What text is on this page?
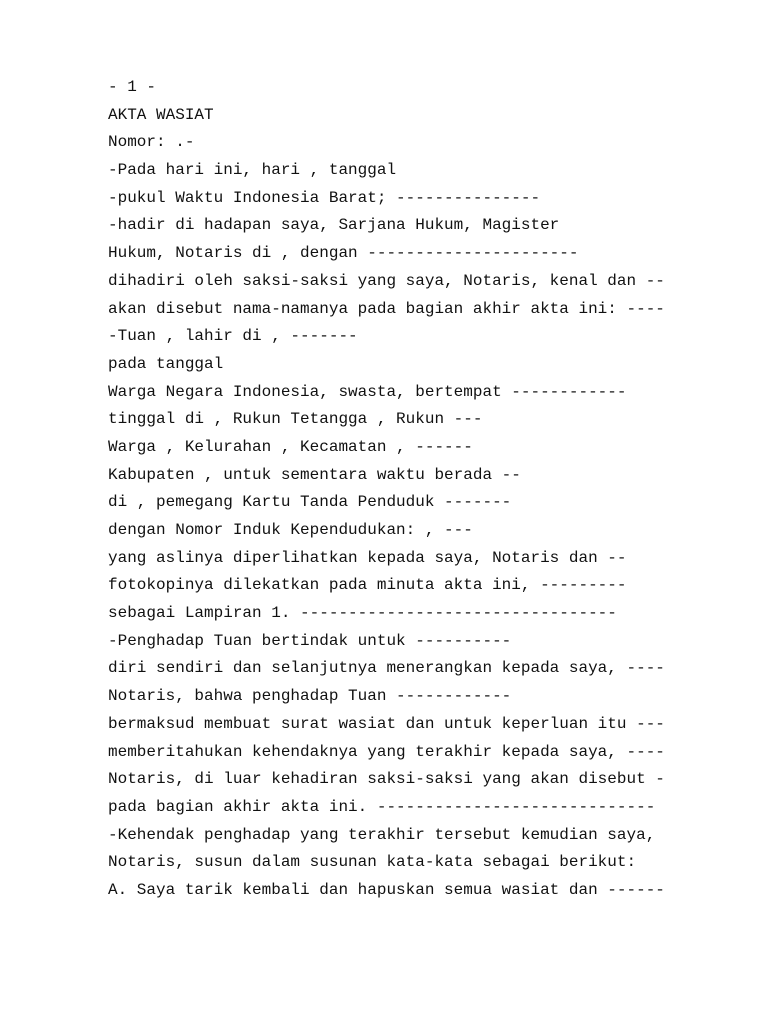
- 1 -

AKTA WASIAT

Nomor: .-

-Pada hari ini, hari , tanggal

-pukul Waktu Indonesia Barat; ---------------

-hadir di hadapan saya, Sarjana Hukum, Magister

Hukum, Notaris di , dengan ----------------------

dihadiri oleh saksi-saksi yang saya, Notaris, kenal dan --

akan disebut nama-namanya pada bagian akhir akta ini: ----

-Tuan , lahir di , -------

pada tanggal

Warga Negara Indonesia, swasta, bertempat ------------

tinggal di , Rukun Tetangga , Rukun ---

Warga , Kelurahan , Kecamatan , ------

Kabupaten , untuk sementara waktu berada --

di , pemegang Kartu Tanda Penduduk -------

dengan Nomor Induk Kependudukan: , ---

yang aslinya diperlihatkan kepada saya, Notaris dan --

fotokopinya dilekatkan pada minuta akta ini, ---------

sebagai Lampiran 1. ---------------------------------

-Penghadap Tuan bertindak untuk ----------

diri sendiri dan selanjutnya menerangkan kepada saya, ----

Notaris, bahwa penghadap Tuan ------------

bermaksud membuat surat wasiat dan untuk keperluan itu ---

memberitahukan kehendaknya yang terakhir kepada saya, ----

Notaris, di luar kehadiran saksi-saksi yang akan disebut -

pada bagian akhir akta ini. -----------------------------

-Kehendak penghadap yang terakhir tersebut kemudian saya,

Notaris, susun dalam susunan kata-kata sebagai berikut:

A. Saya tarik kembali dan hapuskan semua wasiat dan ------
